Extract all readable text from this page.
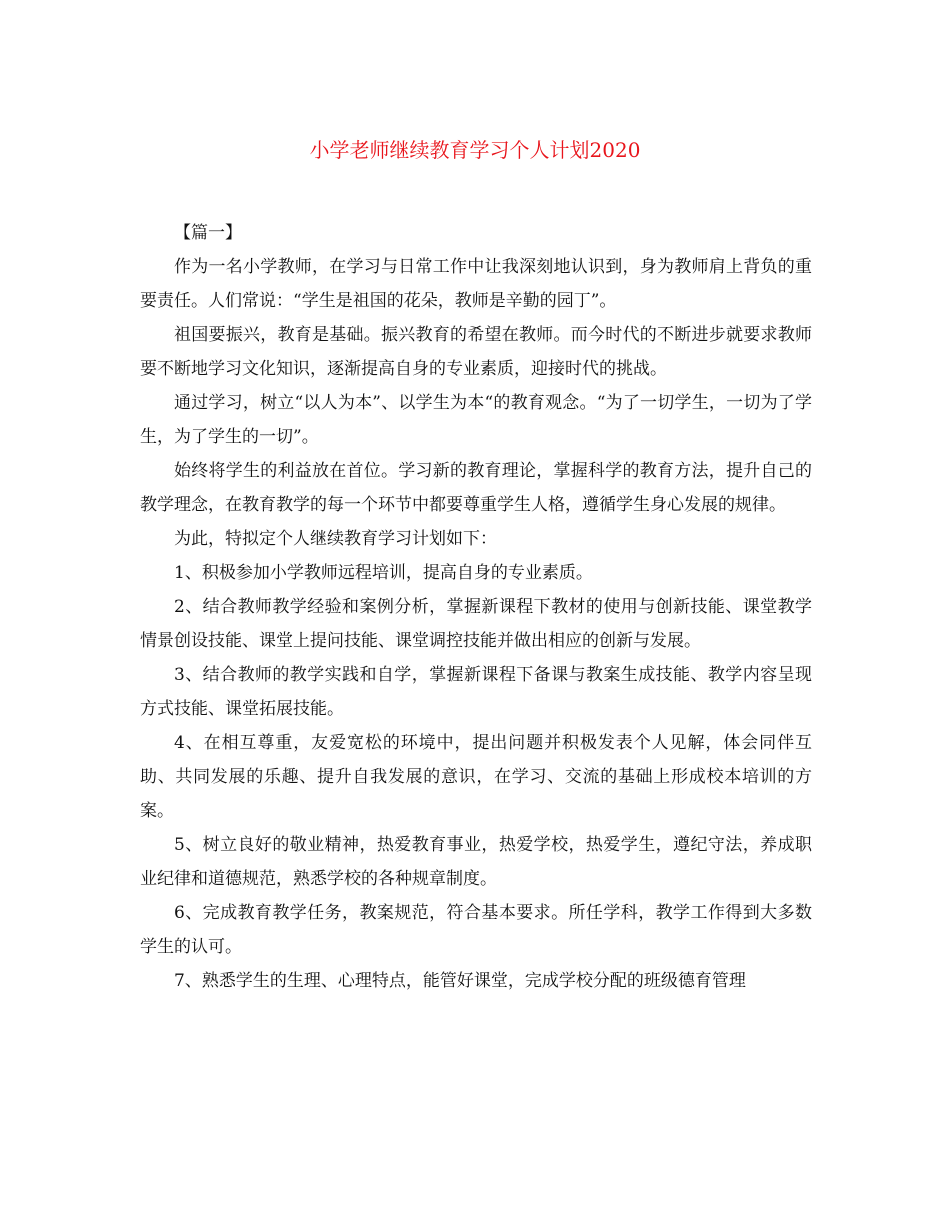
小学老师继续教育学习个人计划2020

【篇一】

作为一名小学教师，在学习与日常工作中让我深刻地认识到，身为教师肩上背负的重要责任。人们常说：“学生是祖国的花朵，教师是辛勤的园丁”。

祖国要振兴，教育是基础。振兴教育的希望在教师。而今时代的不断进步就要求教师要不断地学习文化知识，逐渐提高自身的专业素质，迎接时代的挑战。

通过学习，树立“以人为本”、以学生为本“的教育观念。“为了一切学生，一切为了学生，为了学生的一切”。

始终将学生的利益放在首位。学习新的教育理论，掌握科学的教育方法，提升自己的教学理念，在教育教学的每一个环节中都要尊重学生人格，遵循学生身心发展的规律。

为此，特拟定个人继续教育学习计划如下：

1、积极参加小学教师远程培训，提高自身的专业素质。

2、结合教师教学经验和案例分析，掌握新课程下教材的使用与创新技能、课堂教学情景创设技能、课堂上提问技能、课堂调控技能并做出相应的创新与发展。

3、结合教师的教学实践和自学，掌握新课程下备课与教案生成技能、教学内容呈现方式技能、课堂拓展技能。

4、在相互尊重，友爱宽松的环境中，提出问题并积极发表个人见解，体会同伴互助、共同发展的乐趣、提升自我发展的意识，在学习、交流的基础上形成校本培训的方案。

5、树立良好的敬业精神，热爱教育事业，热爱学校，热爱学生，遵纪守法，养成职业纪律和道德规范，熟悉学校的各种规章制度。

6、完成教育教学任务，教案规范，符合基本要求。所任学科，教学工作得到大多数学生的认可。

7、熟悉学生的生理、心理特点，能管好课堂，完成学校分配的班级德育管理
